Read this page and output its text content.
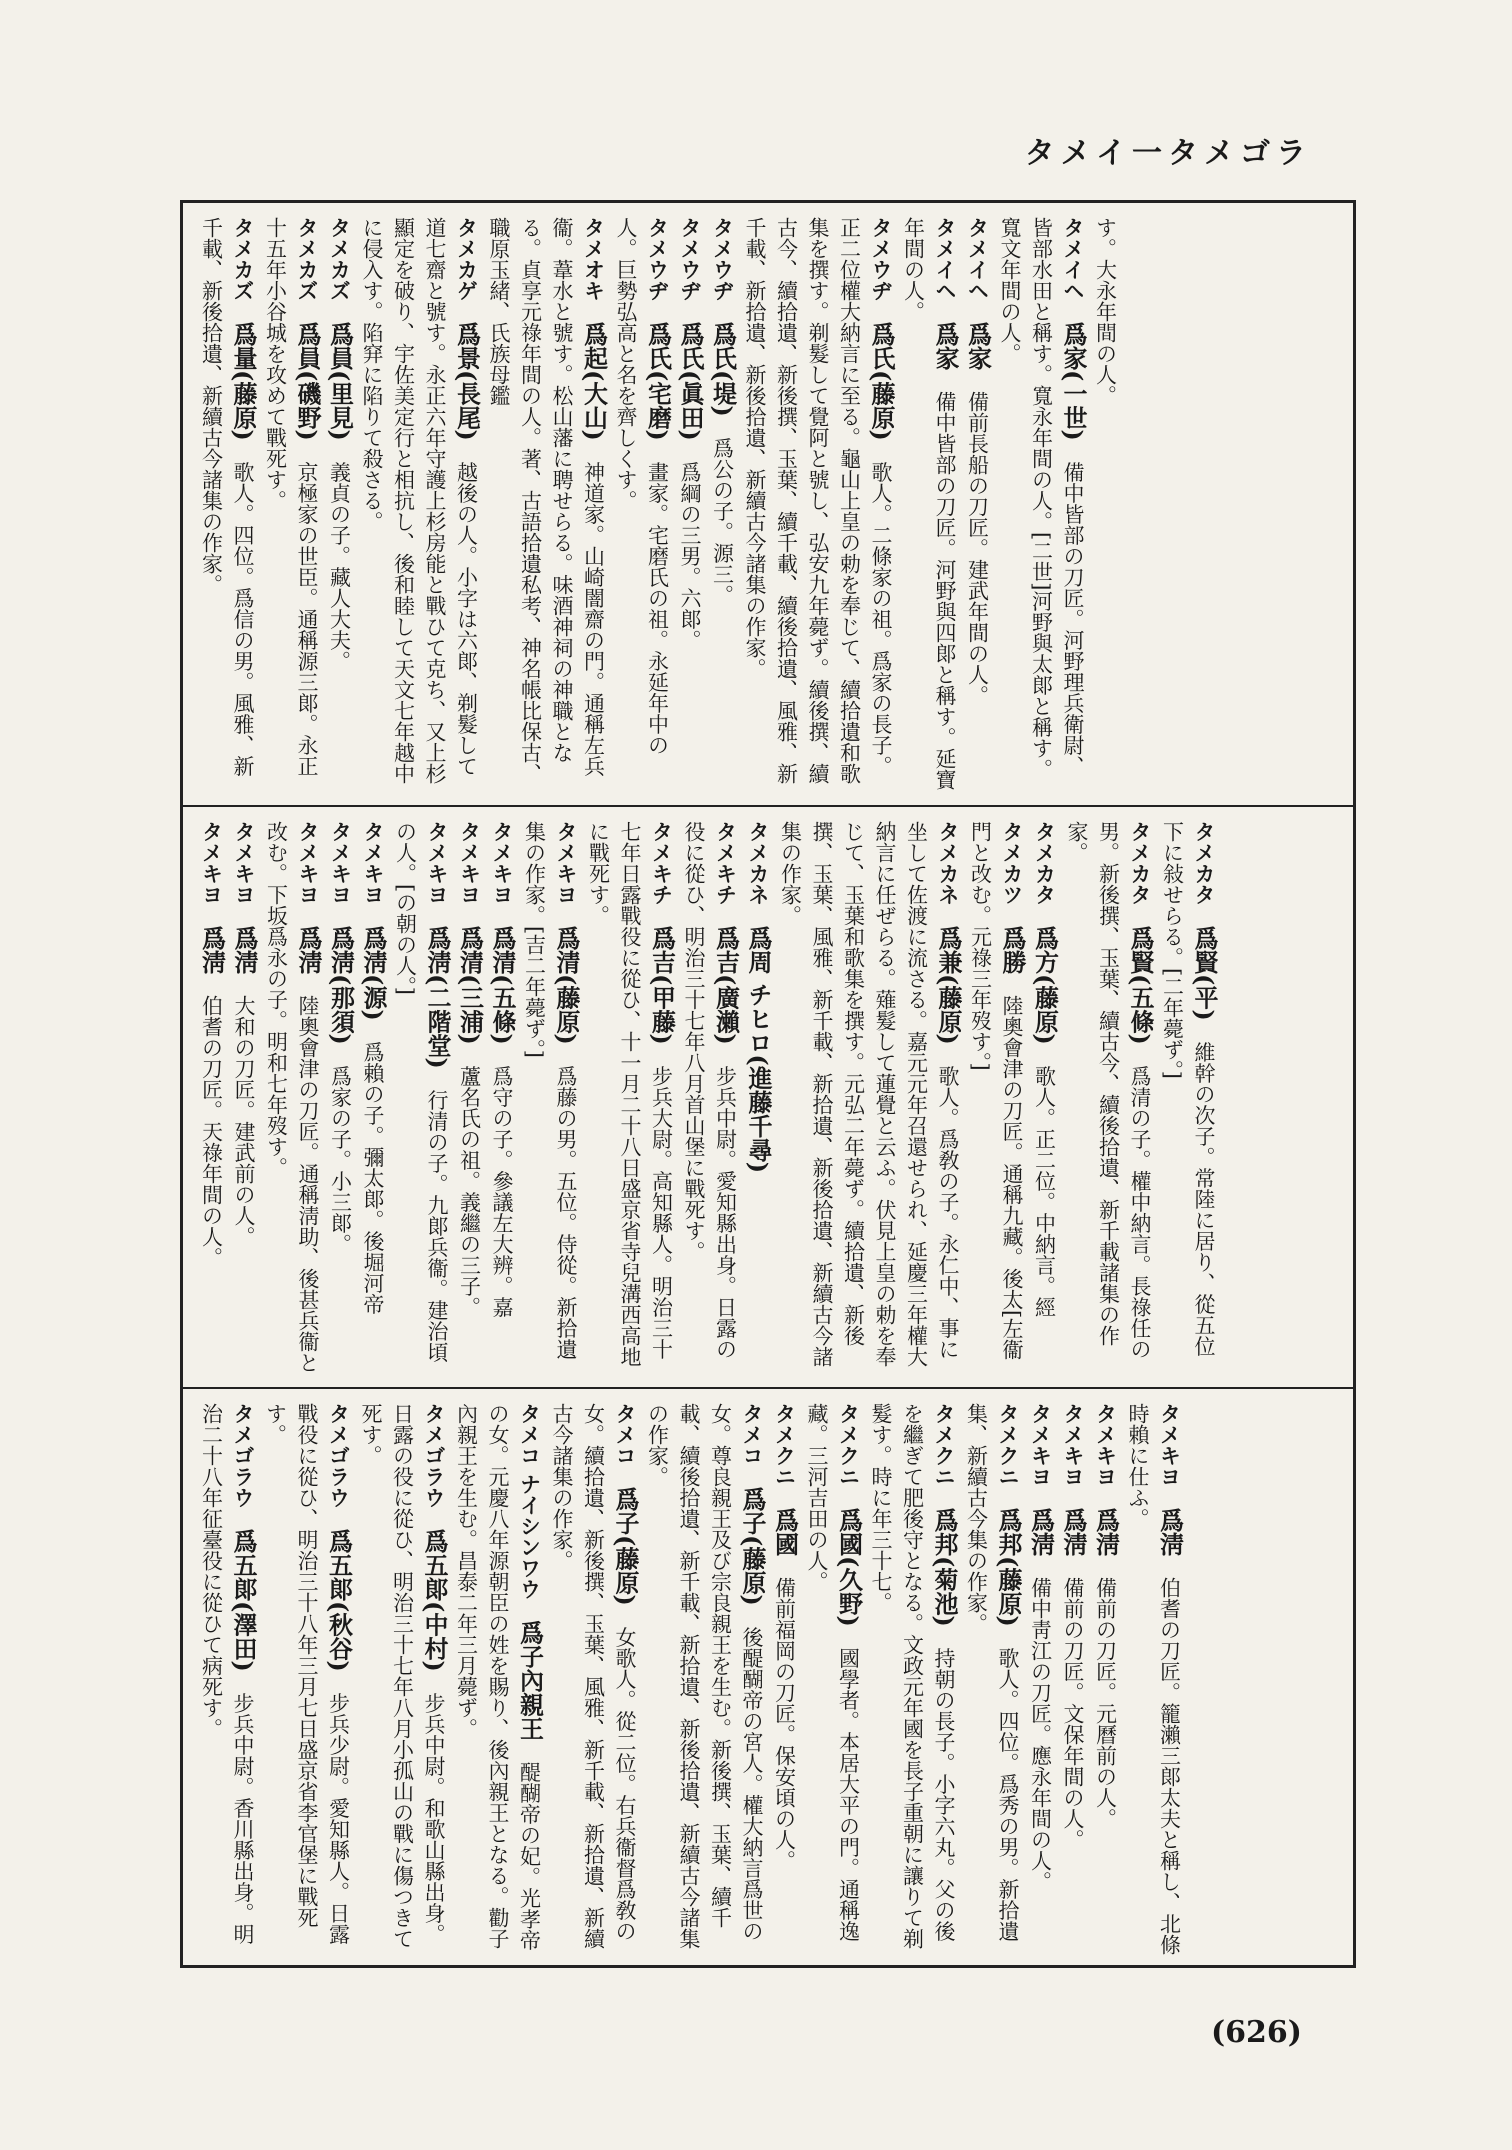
タメイ一タメゴラ
す。大永年間の人。
タメイヘ　爲家(一世)　備中皆部の刀匠。河野理兵衛尉、皆部水田と稱す。寬永年間の人。[二世]河野與太郞と稱す。寬文年間の人。
タメイヘ　爲家　備前長船の刀匠。建武年間の人。
タメイヘ　爲家　備中皆部の刀匠。河野與四郞と稱す。延寶年間の人。
タメウヂ　爲氏(藤原)　歌人。二條家の祖。爲家の長子。正二位權大納言に至る。龜山上皇の勅を奉じて、續拾遺和歌集を撰す。剃髮して覺阿と號し、弘安九年薨ず。續後撰、續古今、續拾遺、新後撰、玉葉、續千載、續後拾遺、風雅、新千載、新拾遺、新後拾遺、新續古今諸集の作家。
タメウヂ　爲氏(堤)　爲公の子。源三。
タメウヂ　爲氏(眞田)　爲綱の三男。六郞。
タメウヂ　爲氏(宅磨)　畫家。宅磨氏の祖。永延年中の人。巨勢弘高と名を齊しくす。
タメオキ　爲起(大山)　神道家。山崎闇齋の門。通稱左兵衞。葦水と號す。松山藩に聘せらる。味酒神祠の神職となる。貞享元祿年間の人。著、古語拾遺私考、神名帳比保古、職原玉緒、氏族母鑑
タメカゲ　爲景(長尾)　越後の人。小字は六郞、剃髮して道七齋と號す。永正六年守護上杉房能と戰ひて克ち、又上杉顯定を破り、宇佐美定行と相抗し、後和睦して天文七年越中に侵入す。陷穽に陷りて殺さる。
タメカズ　爲員(里見)　義貞の子。藏人大夫。
タメカズ　爲員(磯野)　京極家の世臣。通稱源三郞。永正十五年小谷城を攻めて戰死す。
タメカズ　爲量(藤原)　歌人。四位。爲信の男。風雅、新千載、新後拾遺、新續古今諸集の作家。
タメカタ　爲賢(平)　維幹の次子。常陸に居り、從五位下に敍せらる。[二年薨ず。]
タメカタ　爲賢(五條)　爲清の子。權中納言。長祿任の男。新後撰、玉葉、續古今、續後拾遺、新千載諸集の作家。
タメカタ　爲方(藤原)　歌人。正二位。中納言。經
タメカツ　爲勝　陸奧會津の刀匠。通稱九藏。後太[左衞門と改む。元祿三年歿す。]
タメカネ　爲兼(藤原)　歌人。爲敎の子。永仁中、事に坐して佐渡に流さる。嘉元元年召還せられ、延慶三年權大納言に任ぜらる。薙髮して蓮覺と云ふ。伏見上皇の勅を奉じて、玉葉和歌集を撰す。元弘二年薨ず。續拾遺、新後撰、玉葉、風雅、新千載、新拾遺、新後拾遺、新續古今諸集の作家。
タメカネ　爲周 チヒロ(進藤千尋)　
タメキチ　爲吉(廣瀨)　步兵中尉。愛知縣出身。日露の役に從ひ、明治三十七年八月首山堡に戰死す。
タメキチ　爲吉(甲藤)　步兵大尉。高知縣人。明治三十七年日露戰役に從ひ、十一月二十八日盛京省寺兒溝西高地に戰死す。
タメキヨ　爲清(藤原)　爲藤の男。五位。侍從。新拾遺集の作家。[吉二年薨ず。]
タメキヨ　爲清(五條)　爲守の子。參議左大辨。嘉
タメキヨ　爲清(三浦)　蘆名氏の祖。義繼の三子。
タメキヨ　爲淸(二階堂)　行清の子。九郞兵衞。建治頃の人。[の朝の人。]
タメキヨ　爲淸(源)　爲賴の子。彌太郞。後堀河帝
タメキヨ　爲淸(那須)　爲家の子。小三郞。
タメキヨ　爲淸　陸奧會津の刀匠。通稱淸助、後甚兵衞と改む。下坂爲永の子。明和七年歿す。
タメキヨ　爲淸　大和の刀匠。建武前の人。
タメキヨ　爲淸　伯耆の刀匠。天祿年間の人。
タメキヨ　爲淸　伯耆の刀匠。籠瀨三郞太夫と稱し、北條時賴に仕ふ。
タメキヨ　爲淸　備前の刀匠。元曆前の人。
タメキヨ　爲淸　備前の刀匠。文保年間の人。
タメキヨ　爲淸　備中靑江の刀匠。應永年間の人。
タメクニ　爲邦(藤原)　歌人。四位。爲秀の男。新拾遺集、新續古今集の作家。
タメクニ　爲邦(菊池)　持朝の長子。小字六丸。父の後を繼ぎて肥後守となる。文政元年國を長子重朝に讓りて剃髮す。時に年三十七。
タメクニ　爲國(久野)　國學者。本居大平の門。通稱逸藏。三河吉田の人。
タメクニ　爲國　備前福岡の刀匠。保安頃の人。
タメコ　爲子(藤原)　後醍醐帝の宮人。權大納言爲世の女。尊良親王及び宗良親王を生む。新後撰、玉葉、續千載、續後拾遺、新千載、新拾遺、新後拾遺、新續古今諸集の作家。
タメコ　爲子(藤原)　女歌人。從二位。右兵衞督爲敎の女。續拾遺、新後撰、玉葉、風雅、新千載、新拾遺、新續古今諸集の作家。
タメコ ナイシンワウ　爲子內親王　醍醐帝の妃。光孝帝の女。元慶八年源朝臣の姓を賜り、後內親王となる。勸子內親王を生む。昌泰二年三月薨ず。
タメゴラウ　爲五郞(中村)　步兵中尉。和歌山縣出身。日露の役に從ひ、明治三十七年八月小孤山の戰に傷つきて死す。
タメゴラウ　爲五郞(秋谷)　步兵少尉。愛知縣人。日露戰役に從ひ、明治三十八年三月七日盛京省李官堡に戰死す。
タメゴラウ　爲五郞(澤田)　步兵中尉。香川縣出身。明治二十八年征臺役に從ひて病死す。
(626)
